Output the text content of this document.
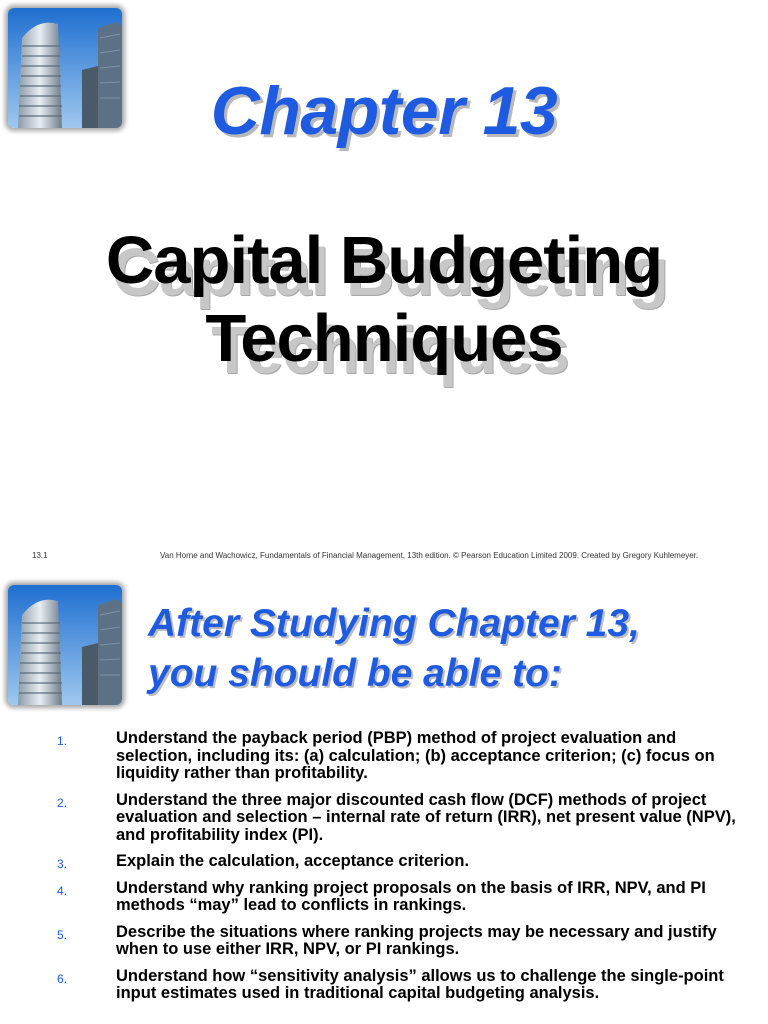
Chapter 13
Capital Budgeting
Techniques
13.1	Van Horne and Wachowicz, Fundamentals of Financial Management, 13th edition. © Pearson Education Limited 2009. Created by Gregory Kuhlemeyer.
After Studying Chapter 13,
you should be able to:
1.	Understand the payback period (PBP) method of project evaluation and selection, including its: (a) calculation; (b) acceptance criterion; (c) focus on liquidity rather than profitability.
2.	Understand the three major discounted cash flow (DCF) methods of project evaluation and selection – internal rate of return (IRR), net present value (NPV), and profitability index (PI).
3.	Explain the calculation, acceptance criterion.
4.	Understand why ranking project proposals on the basis of IRR, NPV, and PI methods “may” lead to conflicts in rankings.
5.	Describe the situations where ranking projects may be necessary and justify when to use either IRR, NPV, or PI rankings.
6.	Understand how “sensitivity analysis” allows us to challenge the single-point input estimates used in traditional capital budgeting analysis.
